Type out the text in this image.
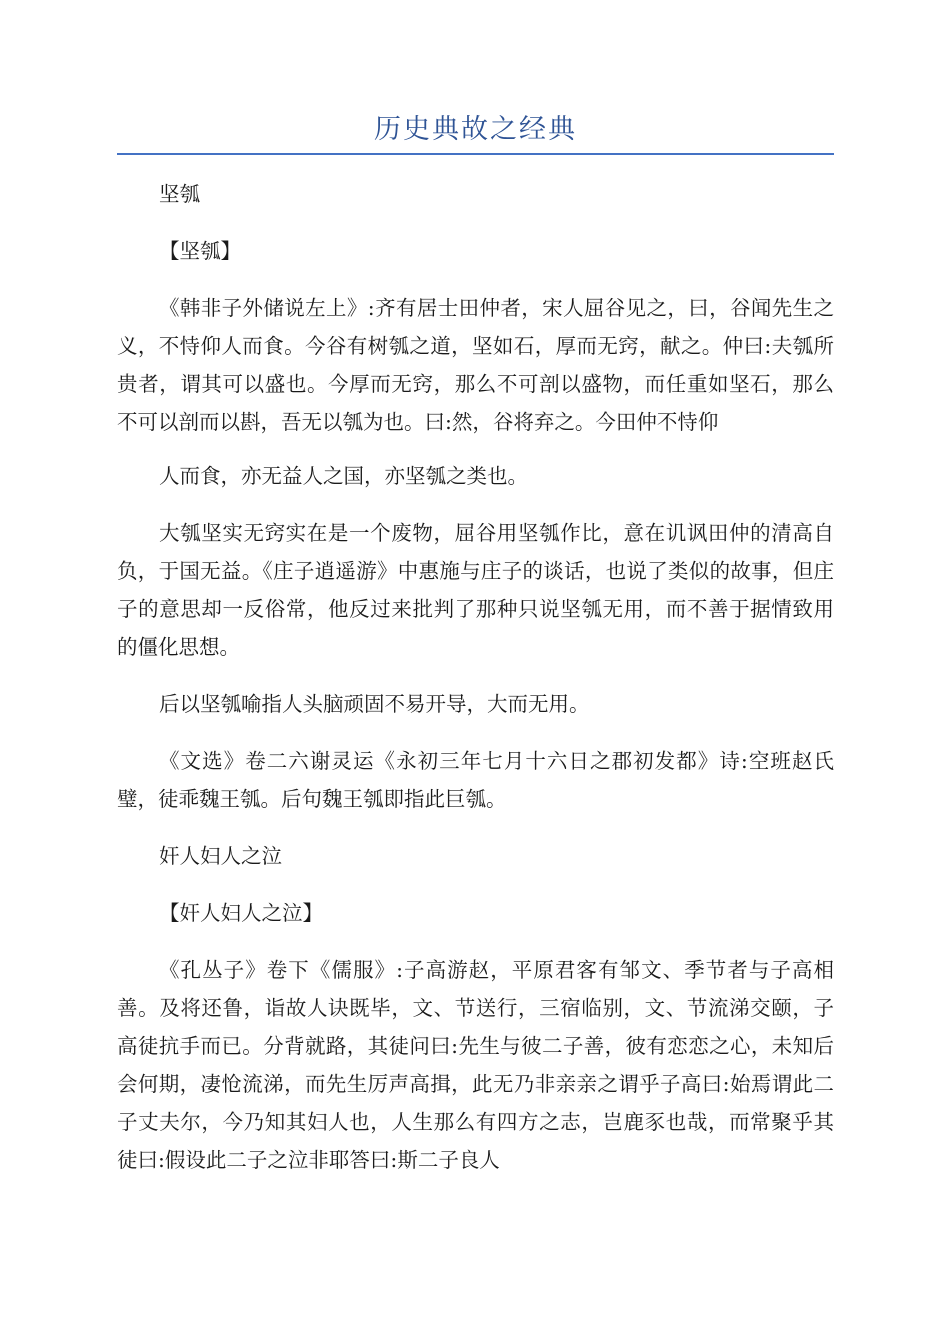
历史典故之经典

坚瓠

【坚瓠】

《韩非子外储说左上》:齐有居士田仲者，宋人屈谷见之，曰，谷闻先生之义，不恃仰人而食。今谷有树瓠之道，坚如石，厚而无窍，献之。仲曰:夫瓠所贵者，谓其可以盛也。今厚而无窍，那么不可剖以盛物，而任重如坚石，那么不可以剖而以斟，吾无以瓠为也。曰:然，谷将弃之。今田仲不恃仰

人而食，亦无益人之国，亦坚瓠之类也。

大瓠坚实无窍实在是一个废物，屈谷用坚瓠作比，意在讥讽田仲的清高自负，于国无益。《庄子逍遥游》中惠施与庄子的谈话，也说了类似的故事，但庄子的意思却一反俗常，他反过来批判了那种只说坚瓠无用，而不善于据情致用的僵化思想。

后以坚瓠喻指人头脑顽固不易开导，大而无用。

《文选》卷二六谢灵运《永初三年七月十六日之郡初发都》诗:空班赵氏璧，徒乖魏王瓠。后句魏王瓠即指此巨瓠。

奸人妇人之泣

【奸人妇人之泣】

《孔丛子》卷下《儒服》:子高游赵，平原君客有邹文、季节者与子高相善。及将还鲁，诣故人诀既毕，文、节送行，三宿临别，文、节流涕交颐，子高徒抗手而已。分背就路，其徒问曰:先生与彼二子善，彼有恋恋之心，未知后会何期，凄怆流涕，而先生厉声高揖，此无乃非亲亲之谓乎子高曰:始焉谓此二子丈夫尔，今乃知其妇人也，人生那么有四方之志，岂鹿豕也哉，而常聚乎其徒曰:假设此二子之泣非耶答曰:斯二子良人
